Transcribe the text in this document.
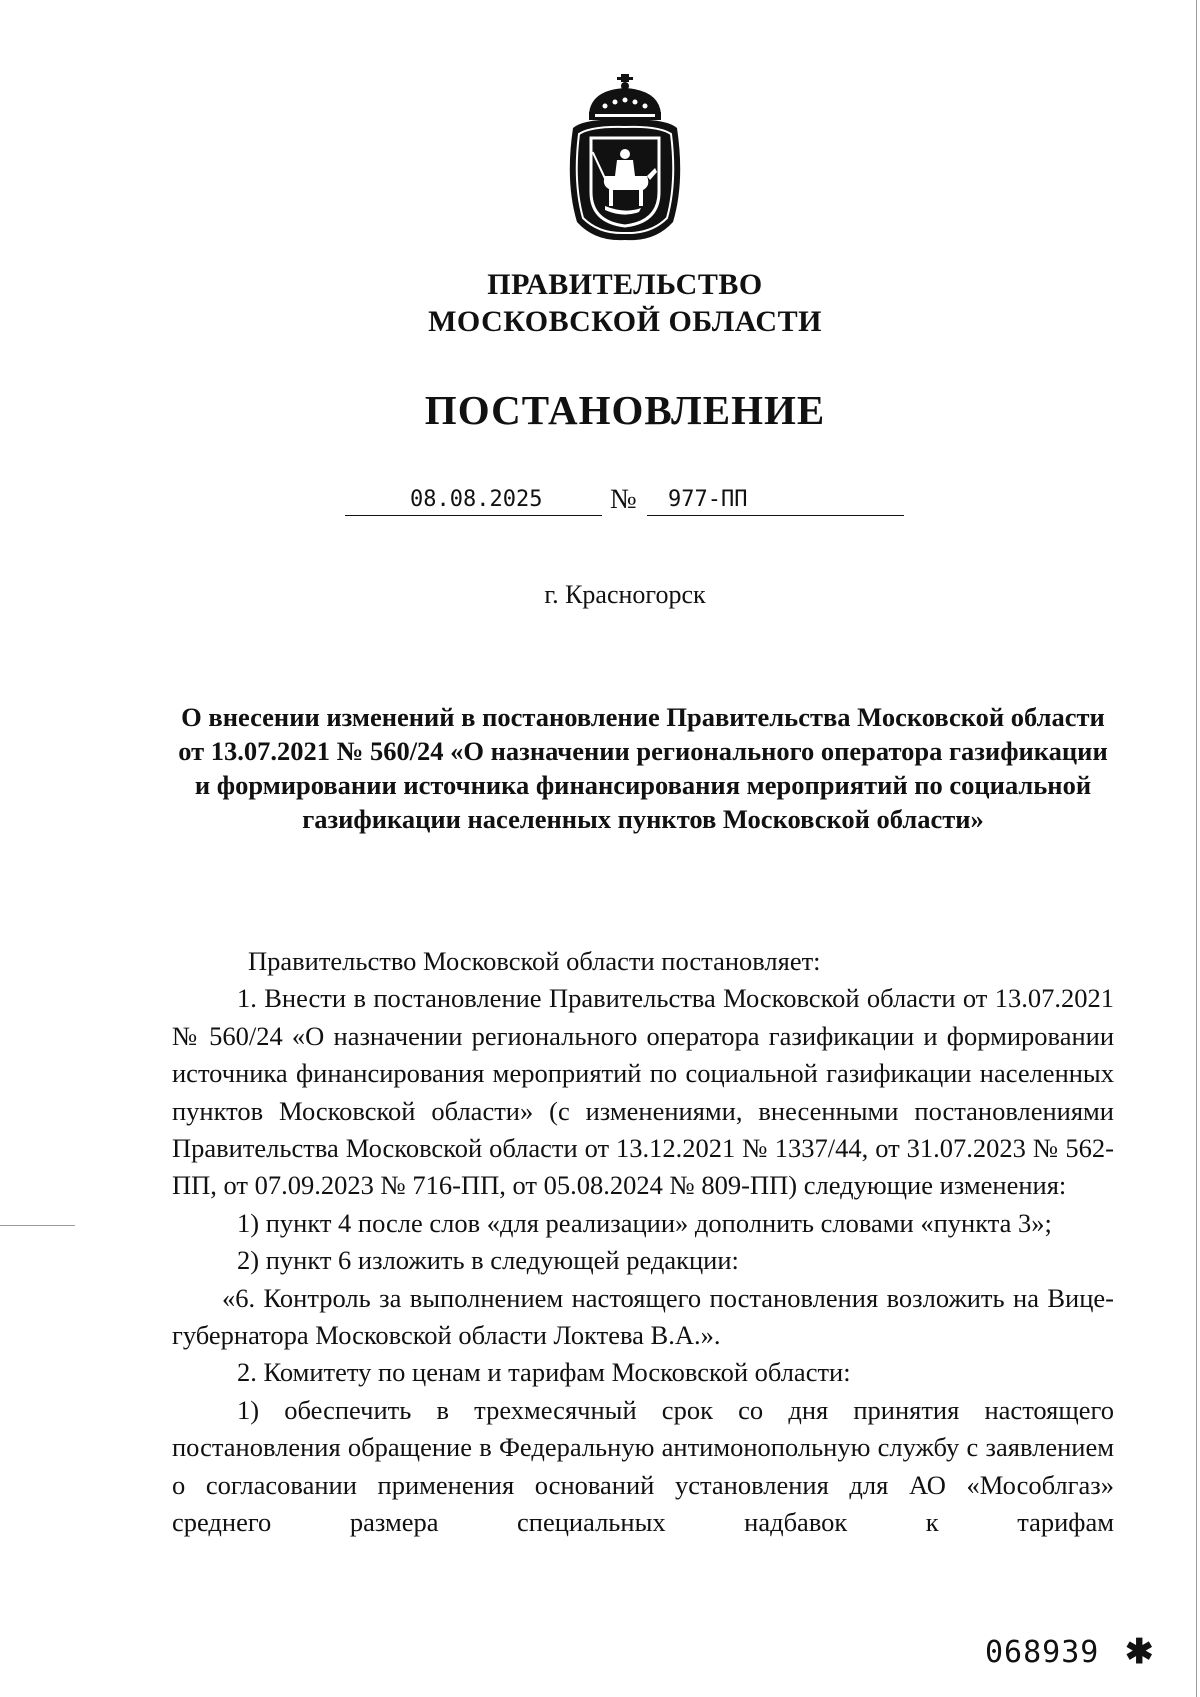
ПРАВИТЕЛЬСТВО
МОСКОВСКОЙ ОБЛАСТИ
ПОСТАНОВЛЕНИЕ
08.08.2025 № 977-ПП
г. Красногорск
О внесении изменений в постановление Правительства Московской области от 13.07.2021 № 560/24 «О назначении регионального оператора газификации и формировании источника финансирования мероприятий по социальной газификации населенных пунктов Московской области»

Правительство Московской области постановляет:

1. Внести в постановление Правительства Московской области от 13.07.2021 № 560/24 «О назначении регионального оператора газификации и формировании источника финансирования мероприятий по социальной газификации населенных пунктов Московской области» (с изменениями, внесенными постановлениями Правительства Московской области от 13.12.2021 № 1337/44, от 31.07.2023 № 562-ПП, от 07.09.2023 № 716-ПП, от 05.08.2024 № 809-ПП) следующие изменения:

1) пункт 4 после слов «для реализации» дополнить словами «пункта 3»;

2) пункт 6 изложить в следующей редакции:

«6. Контроль за выполнением настоящего постановления возложить на Вице-губернатора Московской области Локтева В.А.».

2. Комитету по ценам и тарифам Московской области:

1) обеспечить в трехмесячный срок со дня принятия настоящего постановления обращение в Федеральную антимонопольную службу с заявлением о согласовании применения оснований установления для АО «Мособлгаз» среднего размера специальных надбавок к тарифам

068939 ✱
